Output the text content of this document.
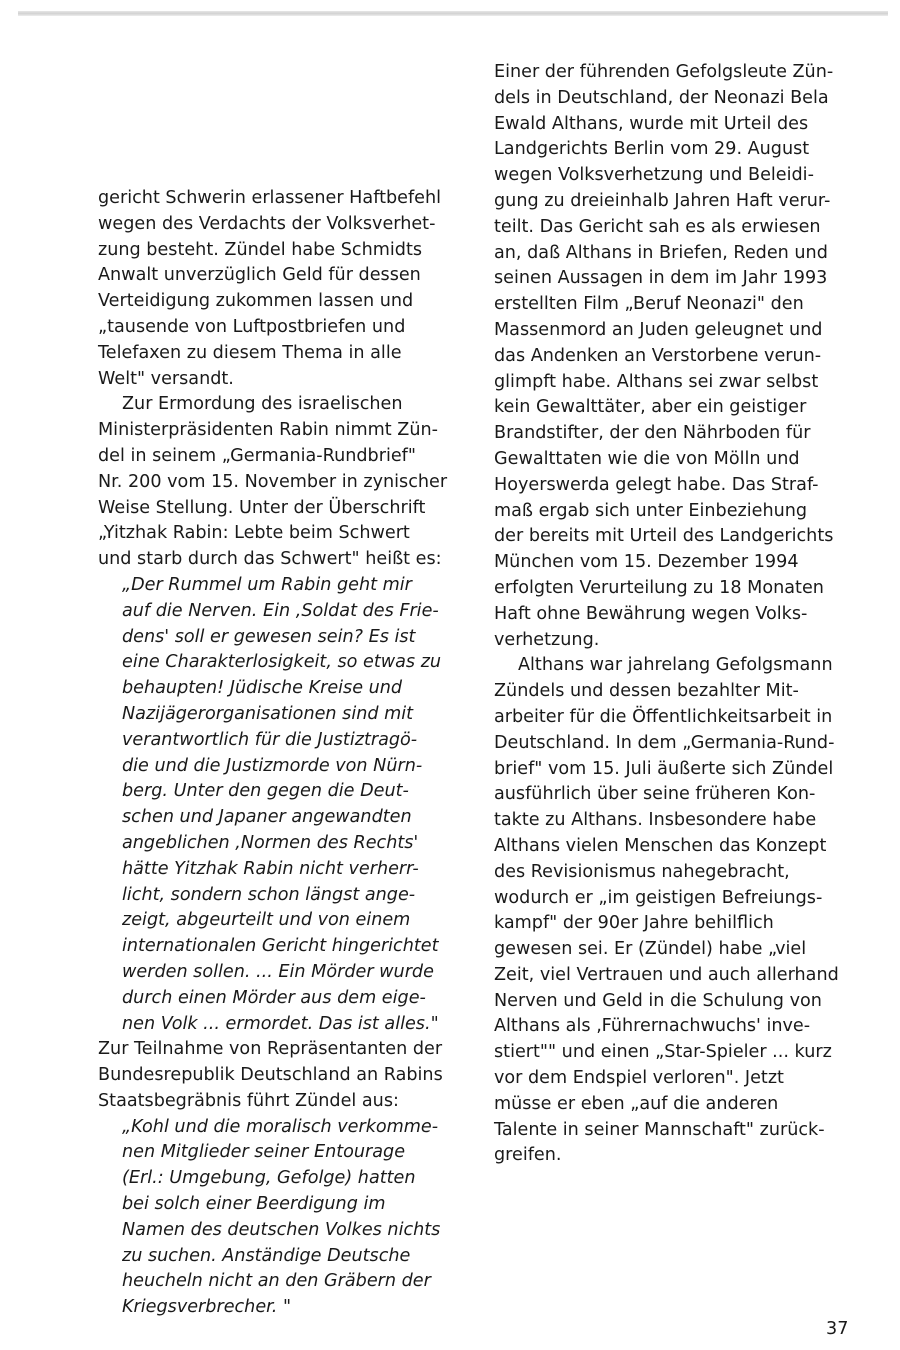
gericht Schwerin erlassener Haftbefehl
wegen des Verdachts der Volksverhet-
zung besteht. Zündel habe Schmidts
Anwalt unverzüglich Geld für dessen
Verteidigung zukommen lassen und
„tausende von Luftpostbriefen und
Telefaxen zu diesem Thema in alle
Welt" versandt.
Zur Ermordung des israelischen
Ministerpräsidenten Rabin nimmt Zün-
del in seinem „Germania-Rundbrief"
Nr. 200 vom 15. November in zynischer
Weise Stellung. Unter der Überschrift
„Yitzhak Rabin: Lebte beim Schwert
und starb durch das Schwert" heißt es:
„Der Rummel um Rabin geht mir
auf die Nerven. Ein ‚Soldat des Frie-
dens' soll er gewesen sein? Es ist
eine Charakterlosigkeit, so etwas zu
behaupten! Jüdische Kreise und
Nazijägerorganisationen sind mit
verantwortlich für die Justiztragö-
die und die Justizmorde von Nürn-
berg. Unter den gegen die Deut-
schen und Japaner angewandten
angeblichen ‚Normen des Rechts'
hätte Yitzhak Rabin nicht verherr-
licht, sondern schon längst ange-
zeigt, abgeurteilt und von einem
internationalen Gericht hingerichtet
werden sollen. ... Ein Mörder wurde
durch einen Mörder aus dem eige-
nen Volk ... ermordet. Das ist alles."
Zur Teilnahme von Repräsentanten der
Bundesrepublik Deutschland an Rabins
Staatsbegräbnis führt Zündel aus:
„Kohl und die moralisch verkomme-
nen Mitglieder seiner Entourage
(Erl.: Umgebung, Gefolge) hatten
bei solch einer Beerdigung im
Namen des deutschen Volkes nichts
zu suchen. Anständige Deutsche
heucheln nicht an den Gräbern der
Kriegsverbrecher. "
Einer der führenden Gefolgsleute Zün-
dels in Deutschland, der Neonazi Bela
Ewald Althans, wurde mit Urteil des
Landgerichts Berlin vom 29. August
wegen Volksverhetzung und Beleidi-
gung zu dreieinhalb Jahren Haft verur-
teilt. Das Gericht sah es als erwiesen
an, daß Althans in Briefen, Reden und
seinen Aussagen in dem im Jahr 1993
erstellten Film „Beruf Neonazi" den
Massenmord an Juden geleugnet und
das Andenken an Verstorbene verun-
glimpft habe. Althans sei zwar selbst
kein Gewalttäter, aber ein geistiger
Brandstifter, der den Nährboden für
Gewalttaten wie die von Mölln und
Hoyerswerda gelegt habe. Das Straf-
maß ergab sich unter Einbeziehung
der bereits mit Urteil des Landgerichts
München vom 15. Dezember 1994
erfolgten Verurteilung zu 18 Monaten
Haft ohne Bewährung wegen Volks-
verhetzung.
Althans war jahrelang Gefolgsmann
Zündels und dessen bezahlter Mit-
arbeiter für die Öffentlichkeitsarbeit in
Deutschland. In dem „Germania-Rund-
brief" vom 15. Juli äußerte sich Zündel
ausführlich über seine früheren Kon-
takte zu Althans. Insbesondere habe
Althans vielen Menschen das Konzept
des Revisionismus nahegebracht,
wodurch er „im geistigen Befreiungs-
kampf" der 90er Jahre behilflich
gewesen sei. Er (Zündel) habe „viel
Zeit, viel Vertrauen und auch allerhand
Nerven und Geld in die Schulung von
Althans als ‚Führernachwuchs' inve-
stiert"" und einen „Star-Spieler ... kurz
vor dem Endspiel verloren". Jetzt
müsse er eben „auf die anderen
Talente in seiner Mannschaft" zurück-
greifen.
37
